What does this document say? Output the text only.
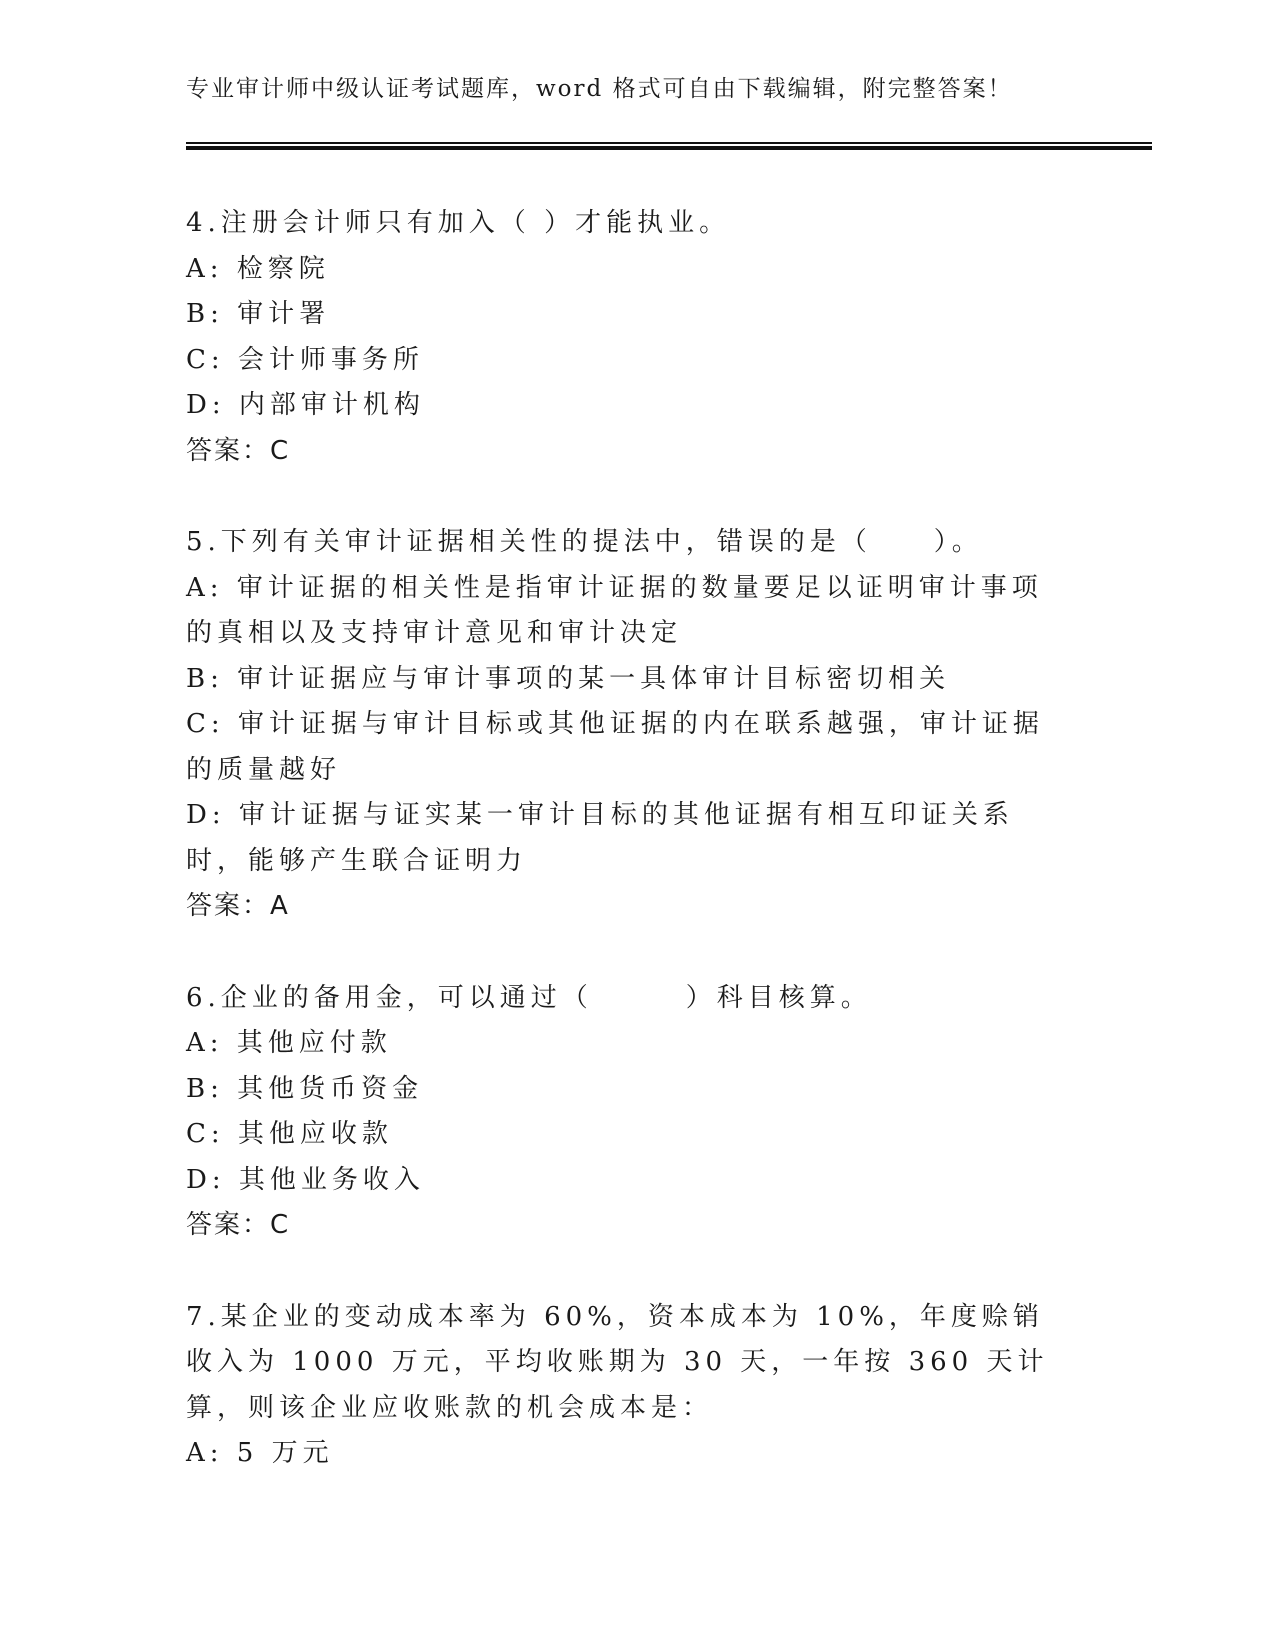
专业审计师中级认证考试题库，word 格式可自由下载编辑，附完整答案！
4.注册会计师只有加入（ ）才能执业。
A: 检察院
B: 审计署
C: 会计师事务所
D: 内部审计机构
答案：C
5.下列有关审计证据相关性的提法中，错误的是（　　）。
A: 审计证据的相关性是指审计证据的数量要足以证明审计事项的真相以及支持审计意见和审计决定
B: 审计证据应与审计事项的某一具体审计目标密切相关
C: 审计证据与审计目标或其他证据的内在联系越强，审计证据的质量越好
D: 审计证据与证实某一审计目标的其他证据有相互印证关系时，能够产生联合证明力
答案：A
6.企业的备用金，可以通过（　　　）科目核算。
A: 其他应付款
B: 其他货币资金
C: 其他应收款
D: 其他业务收入
答案：C
7.某企业的变动成本率为 60%，资本成本为 10%，年度赊销收入为 1000 万元，平均收账期为 30 天，一年按 360 天计算，则该企业应收账款的机会成本是：
A: 5 万元
